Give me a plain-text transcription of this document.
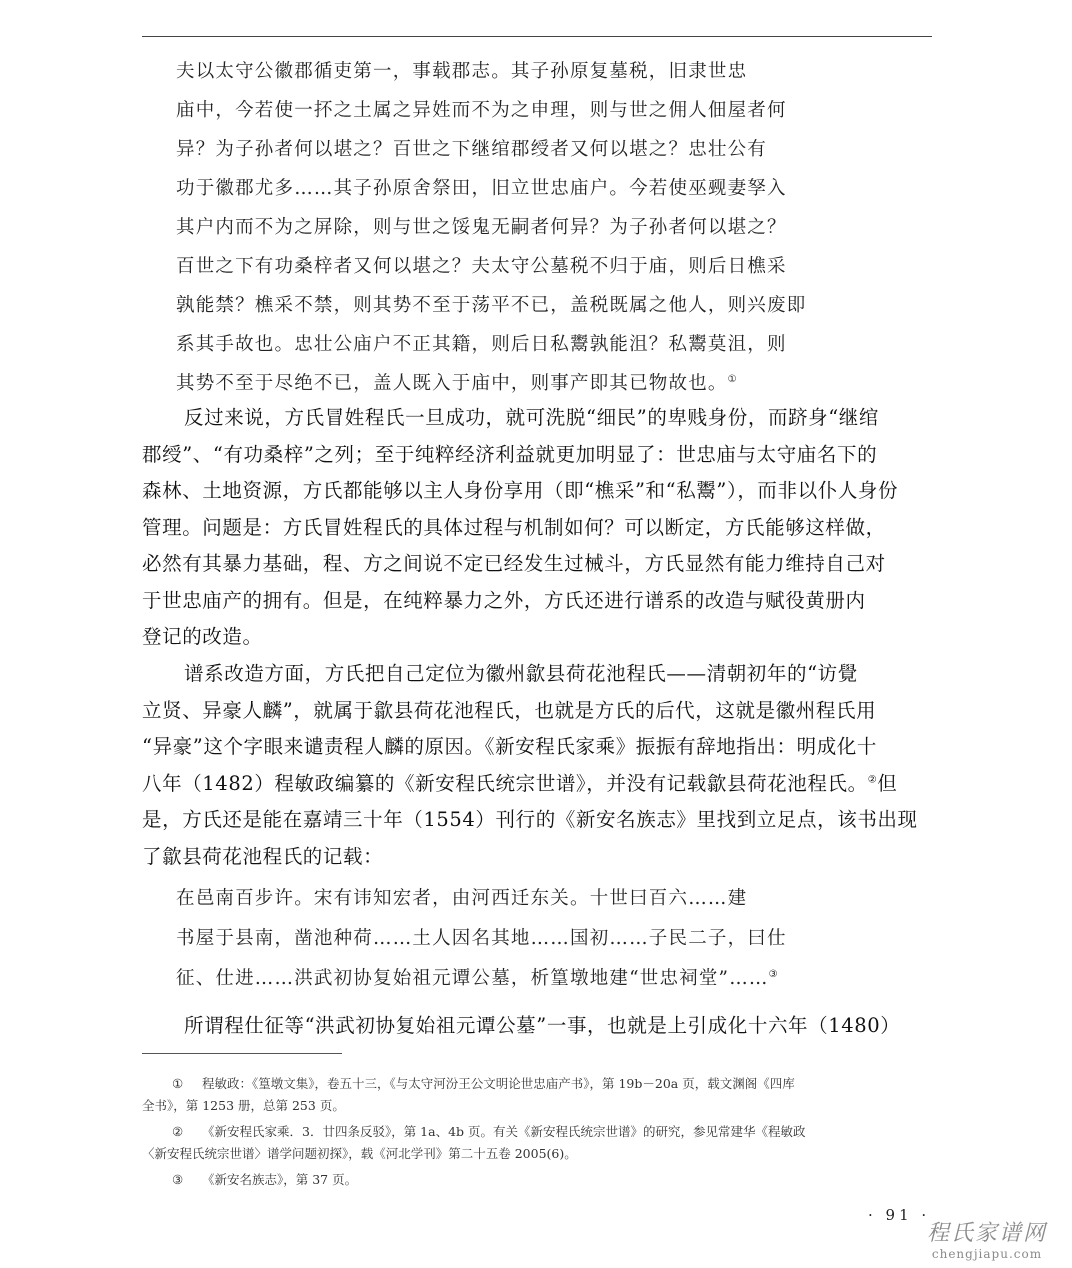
夫以太守公徽郡循吏第一，事载郡志。其子孙原复墓税，旧隶世忠
庙中，今若使一抔之土属之异姓而不为之申理，则与世之佣人佃屋者何
异？为子孙者何以堪之？百世之下继绾郡绶者又何以堪之？忠壮公有
功于徽郡尤多……其子孙原舍祭田，旧立世忠庙户。今若使巫觋妻孥入
其户内而不为之屏除，则与世之馁鬼无嗣者何异？为子孙者何以堪之？
百世之下有功桑梓者又何以堪之？夫太守公墓税不归于庙，则后日樵采
孰能禁？樵采不禁，则其势不至于荡平不已，盖税既属之他人，则兴废即
系其手故也。忠壮公庙户不正其籍，则后日私鬻孰能沮？私鬻莫沮，则
其势不至于尽绝不已，盖人既入于庙中，则事产即其已物故也。①
反过来说，方氏冒姓程氏一旦成功，就可洗脱“细民”的卑贱身份，而跻身“继绾
郡绶”、“有功桑梓”之列；至于纯粹经济利益就更加明显了：世忠庙与太守庙名下的
森林、土地资源，方氏都能够以主人身份享用（即“樵采”和“私鬻”），而非以仆人身份
管理。问题是：方氏冒姓程氏的具体过程与机制如何？可以断定，方氏能够这样做，
必然有其暴力基础，程、方之间说不定已经发生过械斗，方氏显然有能力维持自己对
于世忠庙产的拥有。但是，在纯粹暴力之外，方氏还进行谱系的改造与赋役黄册内
登记的改造。
谱系改造方面，方氏把自己定位为徽州歙县荷花池程氏——清朝初年的“访覺
立贤、异豪人麟”，就属于歙县荷花池程氏，也就是方氏的后代，这就是徽州程氏用
“异豪”这个字眼来谴责程人麟的原因。《新安程氏家乘》振振有辞地指出：明成化十
八年（1482）程敏政编纂的《新安程氏统宗世谱》，并没有记载歙县荷花池程氏。②但
是，方氏还是能在嘉靖三十年（1554）刊行的《新安名族志》里找到立足点，该书出现
了歙县荷花池程氏的记载：
在邑南百步许。宋有讳知宏者，由河西迁东关。十世曰百六……建
书屋于县南，凿池种荷……土人因名其地……国初……子民二子，曰仕
征、仕进……洪武初协复始祖元谭公墓，析篁墩地建“世忠祠堂”……③
所谓程仕征等“洪武初协复始祖元谭公墓”一事，也就是上引成化十六年（1480）
① 程敏政：《篁墩文集》，卷五十三，《与太守河汾王公文明论世忠庙产书》，第 19b－20a 页，载文渊阁《四库
全书》，第 1253 册，总第 253 页。
② 《新安程氏家乘．3．廿四条反驳》，第 1a、4b 页。有关《新安程氏统宗世谱》的研究，参见常建华《程敏政
〈新安程氏统宗世谱〉谱学问题初探》，载《河北学刊》第二十五卷 2005(6)。
③ 《新安名族志》，第 37 页。
· 91 ·
程氏家谱网
chengjiapu.com
